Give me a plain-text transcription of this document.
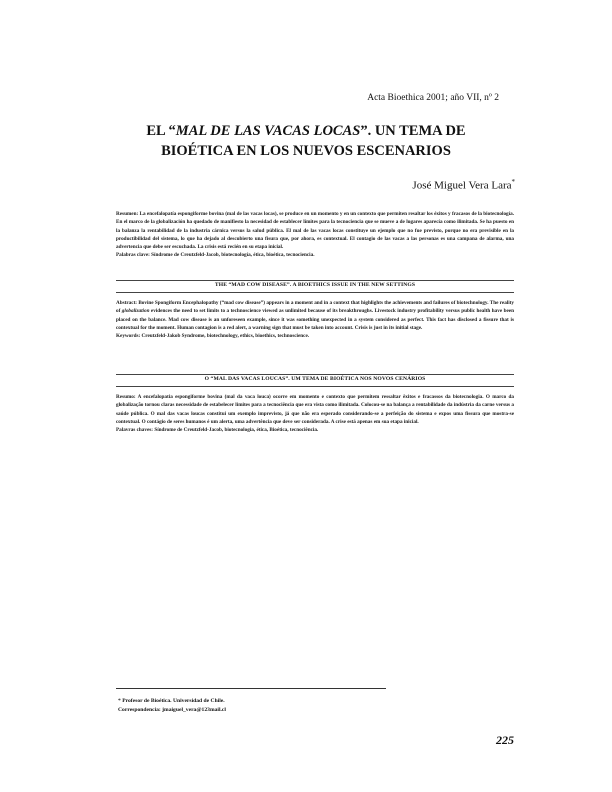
Acta Bioethica 2001; año VII, nº 2
EL “MAL DE LAS VACAS LOCAS”. UN TEMA DE
BIOÉTICA EN LOS NUEVOS ESCENARIOS
José Miguel Vera Lara*

Resumen: La encefalopatía espongiforme bovina (mal de las vacas locas), se produce en un momento y en un contexto que permiten resaltar los éxitos y fracasos de la biotecnología. En el marco de la globalización ha quedado de manifiesto la necesidad de establecer límites para la tecnociencia que se mueve a de lugares aparecía como ilimitada. Se ha puesto en la balanza la rentabilidad de la industria cárnica versus la salud pública. El mal de las vacas locas constituye un ejemplo que no fue previsto, porque no era previsible en la productibilidad del sistema, lo que ha dejado al descubierto una fisura que, por ahora, es contextual. El contagio de las vacas a las personas es una campana de alarma, una advertencia que debe ser escuchada. La crisis está recién en su etapa inicial.

Palabras clave: Síndrome de Creutzfeld-Jacob, biotecnología, ética, bioética, tecnociencia.

THE “MAD COW DISEASE”. A BIOETHICS ISSUE IN THE NEW SETTINGS

Abstract: Bovine Spongiform Encephalopathy (“mad cow disease”) appears in a moment and in a context that highlights the achievements and failures of biotechnology. The reality of globalization evidences the need to set limits to a technoscience viewed as unlimited because of its breakthroughs. Livestock industry profitability versus public health have been placed on the balance. Mad cow disease is an unforeseen example, since it was something unexpected in a system considered as perfect. This fact has disclosed a fissure that is contextual for the moment. Human contagion is a red alert, a warning sign that must be taken into account. Crisis is just in its initial stage.

Keywords: Creutzfeld-Jakob Syndrome, biotechnology, ethics, bioethics, technoscience.

O “MAL DAS VACAS LOUCAS”. UM TEMA DE BIOÉTICA NOS NOVOS CENÁRIOS

Resumo: A encefalopatia espongiforme bovina (mal da vaca louca) ocorre em momento e contexto que permitem ressaltar êxitos e fracassos da biotecnologia. O marco da globalização tornou claras necessidade de estabelecer limites para a tecnociência que era vista como ilimitada. Colocou-se na balança a rentabilidade da indústria da carne versus a saúde pública. O mal das vacas loucas constitui um exemplo imprevisto, já que não era esperado considerando-se a perfeição do sistema e expos uma fissura que mostra-se contextual. O contágio de seres humanos é um alerta, uma advertência que deve ser considerada. A crise está apenas em sua etapa inicial.

Palavras chaves: Síndrome de Creutzfeld-Jacob, biotecnologia, ética, Bioética, tecnociência.

* Profesor de Bioética. Universidad de Chile.
Correspondencia: jmaiguel_vera@123mail.cl
225
